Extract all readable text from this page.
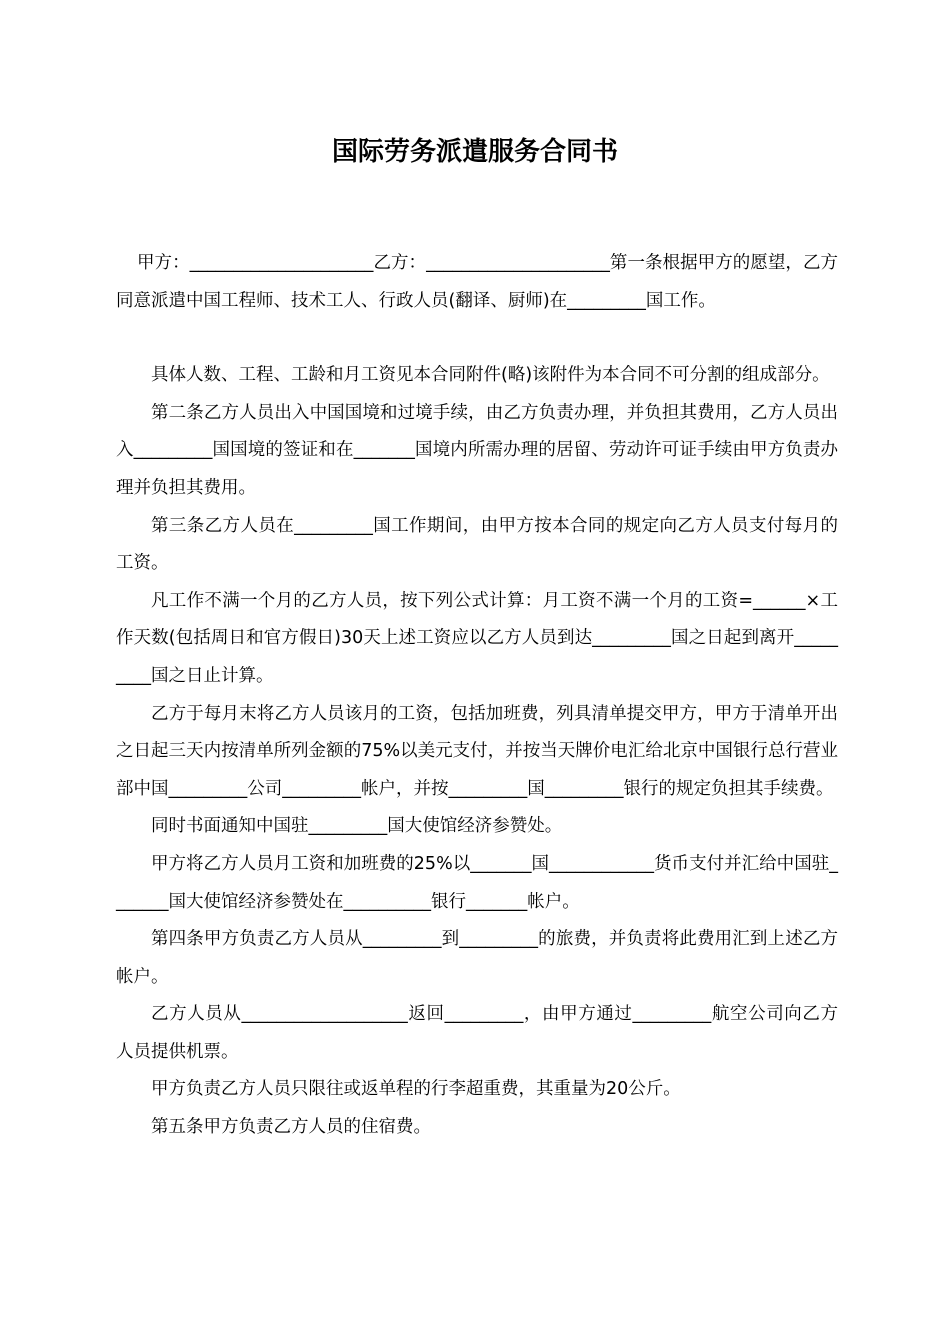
国际劳务派遣服务合同书

甲方：_____________________乙方：_____________________第一条根据甲方的愿望，乙方同意派遣中国工程师、技术工人、行政人员(翻译、厨师)在_________国工作。

具体人数、工程、工龄和月工资见本合同附件(略)该附件为本合同不可分割的组成部分。

第二条乙方人员出入中国国境和过境手续，由乙方负责办理，并负担其费用，乙方人员出入_________国国境的签证和在_______国境内所需办理的居留、劳动许可证手续由甲方负责办理并负担其费用。

第三条乙方人员在_________国工作期间，由甲方按本合同的规定向乙方人员支付每月的工资。

凡工作不满一个月的乙方人员，按下列公式计算：月工资不满一个月的工资=______×工作天数(包括周日和官方假日)30天上述工资应以乙方人员到达_________国之日起到离开_________国之日止计算。

乙方于每月末将乙方人员该月的工资，包括加班费，列具清单提交甲方，甲方于清单开出之日起三天内按清单所列金额的75%以美元支付，并按当天牌价电汇给北京中国银行总行营业部中国_________公司_________帐户，并按_________国_________银行的规定负担其手续费。

同时书面通知中国驻_________国大使馆经济参赞处。

甲方将乙方人员月工资和加班费的25%以_______国____________货币支付并汇给中国驻_______国大使馆经济参赞处在__________银行_______帐户。

第四条甲方负责乙方人员从_________到_________的旅费，并负责将此费用汇到上述乙方帐户。

乙方人员从___________________返回_________，由甲方通过_________航空公司向乙方人员提供机票。

甲方负责乙方人员只限往或返单程的行李超重费，其重量为20公斤。

第五条甲方负责乙方人员的住宿费。
